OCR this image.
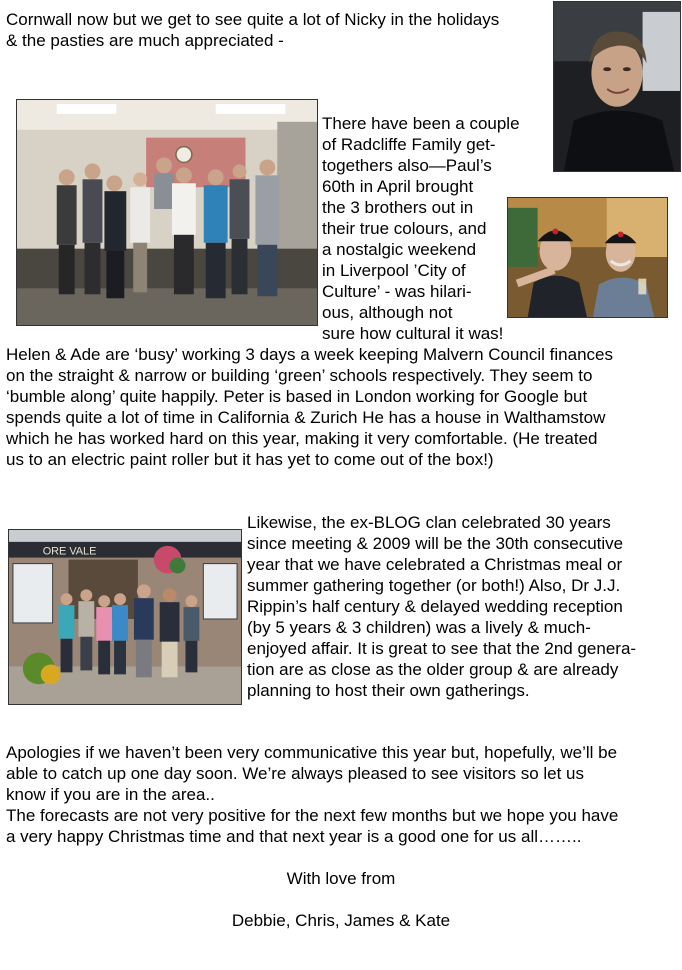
Cornwall now but we get to see quite a lot of Nicky in the holidays

& the pasties are much appreciated -

There have been a couple

of Radcliffe Family get-

togethers also—Paul’s

60th in April brought

the 3 brothers out in

their true colours, and

a nostalgic weekend

in Liverpool ’City of

Culture’ - was hilari-

ous, although not

sure how cultural it was!

Helen & Ade are ‘busy’ working 3 days a week keeping Malvern Council finances

on the straight & narrow or building ‘green’ schools respectively. They seem to

‘bumble along’ quite happily. Peter is based in London working for Google but

spends quite a lot of time in California & Zurich He has a house in Walthamstow

which he has worked hard on this year, making it very comfortable. (He treated

us to an electric paint roller but it has yet to come out of the box!)

ORE VALE

Likewise, the ex-BLOG clan celebrated 30 years

since meeting & 2009 will be the 30th consecutive

year that we have celebrated a Christmas meal or

summer gathering together (or both!) Also, Dr J.J.

Rippin’s half century & delayed wedding reception

(by 5 years & 3 children) was a lively & much-

enjoyed affair. It is great to see that the 2nd genera-

tion are as close as the older group & are already

planning to host their own gatherings.

Apologies if we haven’t been very communicative this year but, hopefully, we’ll be

able to catch up one day soon. We’re always pleased to see visitors so let us

know if you are in the area..

The forecasts are not very positive for the next few months but we hope you have

a very happy Christmas time and that next year is a good one for us all……..

With love from

Debbie, Chris, James & Kate
